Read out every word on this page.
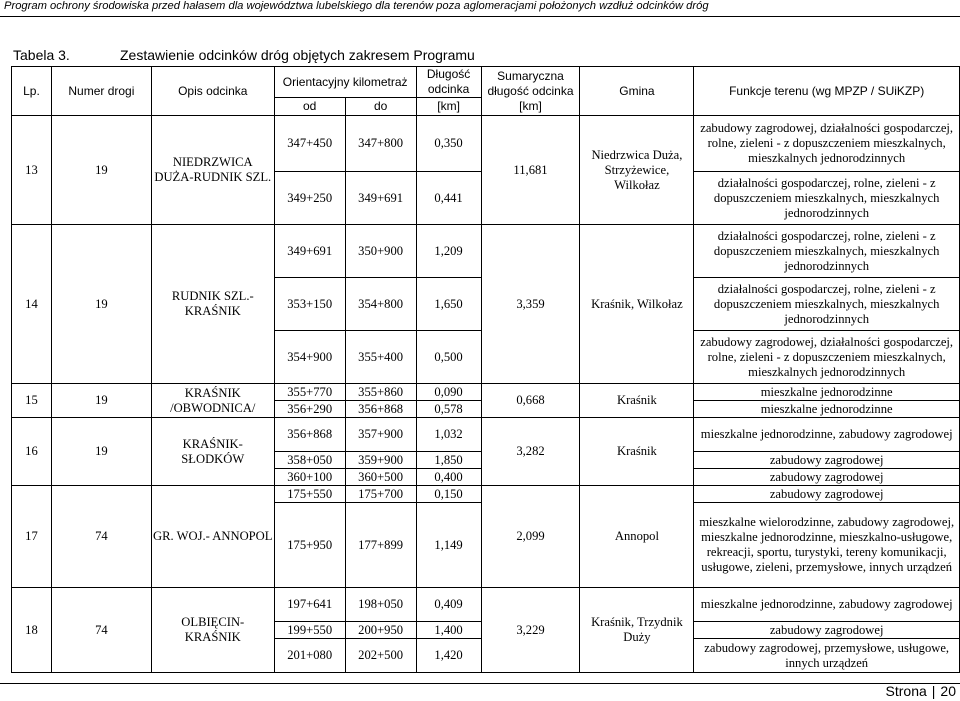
Program ochrony środowiska przed hałasem dla województwa lubelskiego dla terenów poza aglomeracjami położonych wzdłuż odcinków dróg
Tabela 3.	Zestawienie odcinków dróg objętych zakresem Programu
Lp.	Numer drogi	Opis odcinka	Orientacyjny kilometraż		Długość odcinka	Sumaryczna długość odcinka [km]	Gmina	Funkcje terenu (wg MPZP / SUiKZP)
			od	do	[km]			
13	19	NIEDRZWICA DUŻA-RUDNIK SZL.	347+450	347+800	0,350	11,681	Niedrzwica Duża, Strzyżewice, Wilkołaz	zabudowy zagrodowej, działalności gospodarczej, rolne, zieleni - z dopuszczeniem mieszkalnych, mieszkalnych jednorodzinnych
			349+250	349+691	0,441			działalności gospodarczej, rolne, zieleni - z dopuszczeniem mieszkalnych, mieszkalnych jednorodzinnych
14	19	RUDNIK SZL.- KRAŚNIK	349+691	350+900	1,209	3,359	Kraśnik, Wilkołaz	działalności gospodarczej, rolne, zieleni - z dopuszczeniem mieszkalnych, mieszkalnych jednorodzinnych
			353+150	354+800	1,650			działalności gospodarczej, rolne, zieleni - z dopuszczeniem mieszkalnych, mieszkalnych jednorodzinnych
			354+900	355+400	0,500			zabudowy zagrodowej, działalności gospodarczej, rolne, zieleni - z dopuszczeniem mieszkalnych, mieszkalnych jednorodzinnych
15	19	KRAŚNIK /OBWODNICA/	355+770	355+860	0,090	0,668	Kraśnik	mieszkalne jednorodzinne
			356+290	356+868	0,578			mieszkalne jednorodzinne
16	19	KRAŚNIK- SŁODKÓW	356+868	357+900	1,032	3,282	Kraśnik	mieszkalne jednorodzinne, zabudowy zagrodowej
			358+050	359+900	1,850			zabudowy zagrodowej
			360+100	360+500	0,400			zabudowy zagrodowej
17	74	GR. WOJ.- ANNOPOL	175+550	175+700	0,150	2,099	Annopol	zabudowy zagrodowej
			175+950	177+899	1,149			mieszkalne wielorodzinne, zabudowy zagrodowej, mieszkalne jednorodzinne, mieszkalno-usługowe, rekreacji, sportu, turystyki, tereny komunikacji, usługowe, zieleni, przemysłowe, innych urządzeń
18	74	OLBIĘCIN- KRAŚNIK	197+641	198+050	0,409	3,229	Kraśnik, Trzydnik Duży	mieszkalne jednorodzinne, zabudowy zagrodowej
			199+550	200+950	1,400			zabudowy zagrodowej
			201+080	202+500	1,420			zabudowy zagrodowej, przemysłowe, usługowe, innych urządzeń
Strona | 20
